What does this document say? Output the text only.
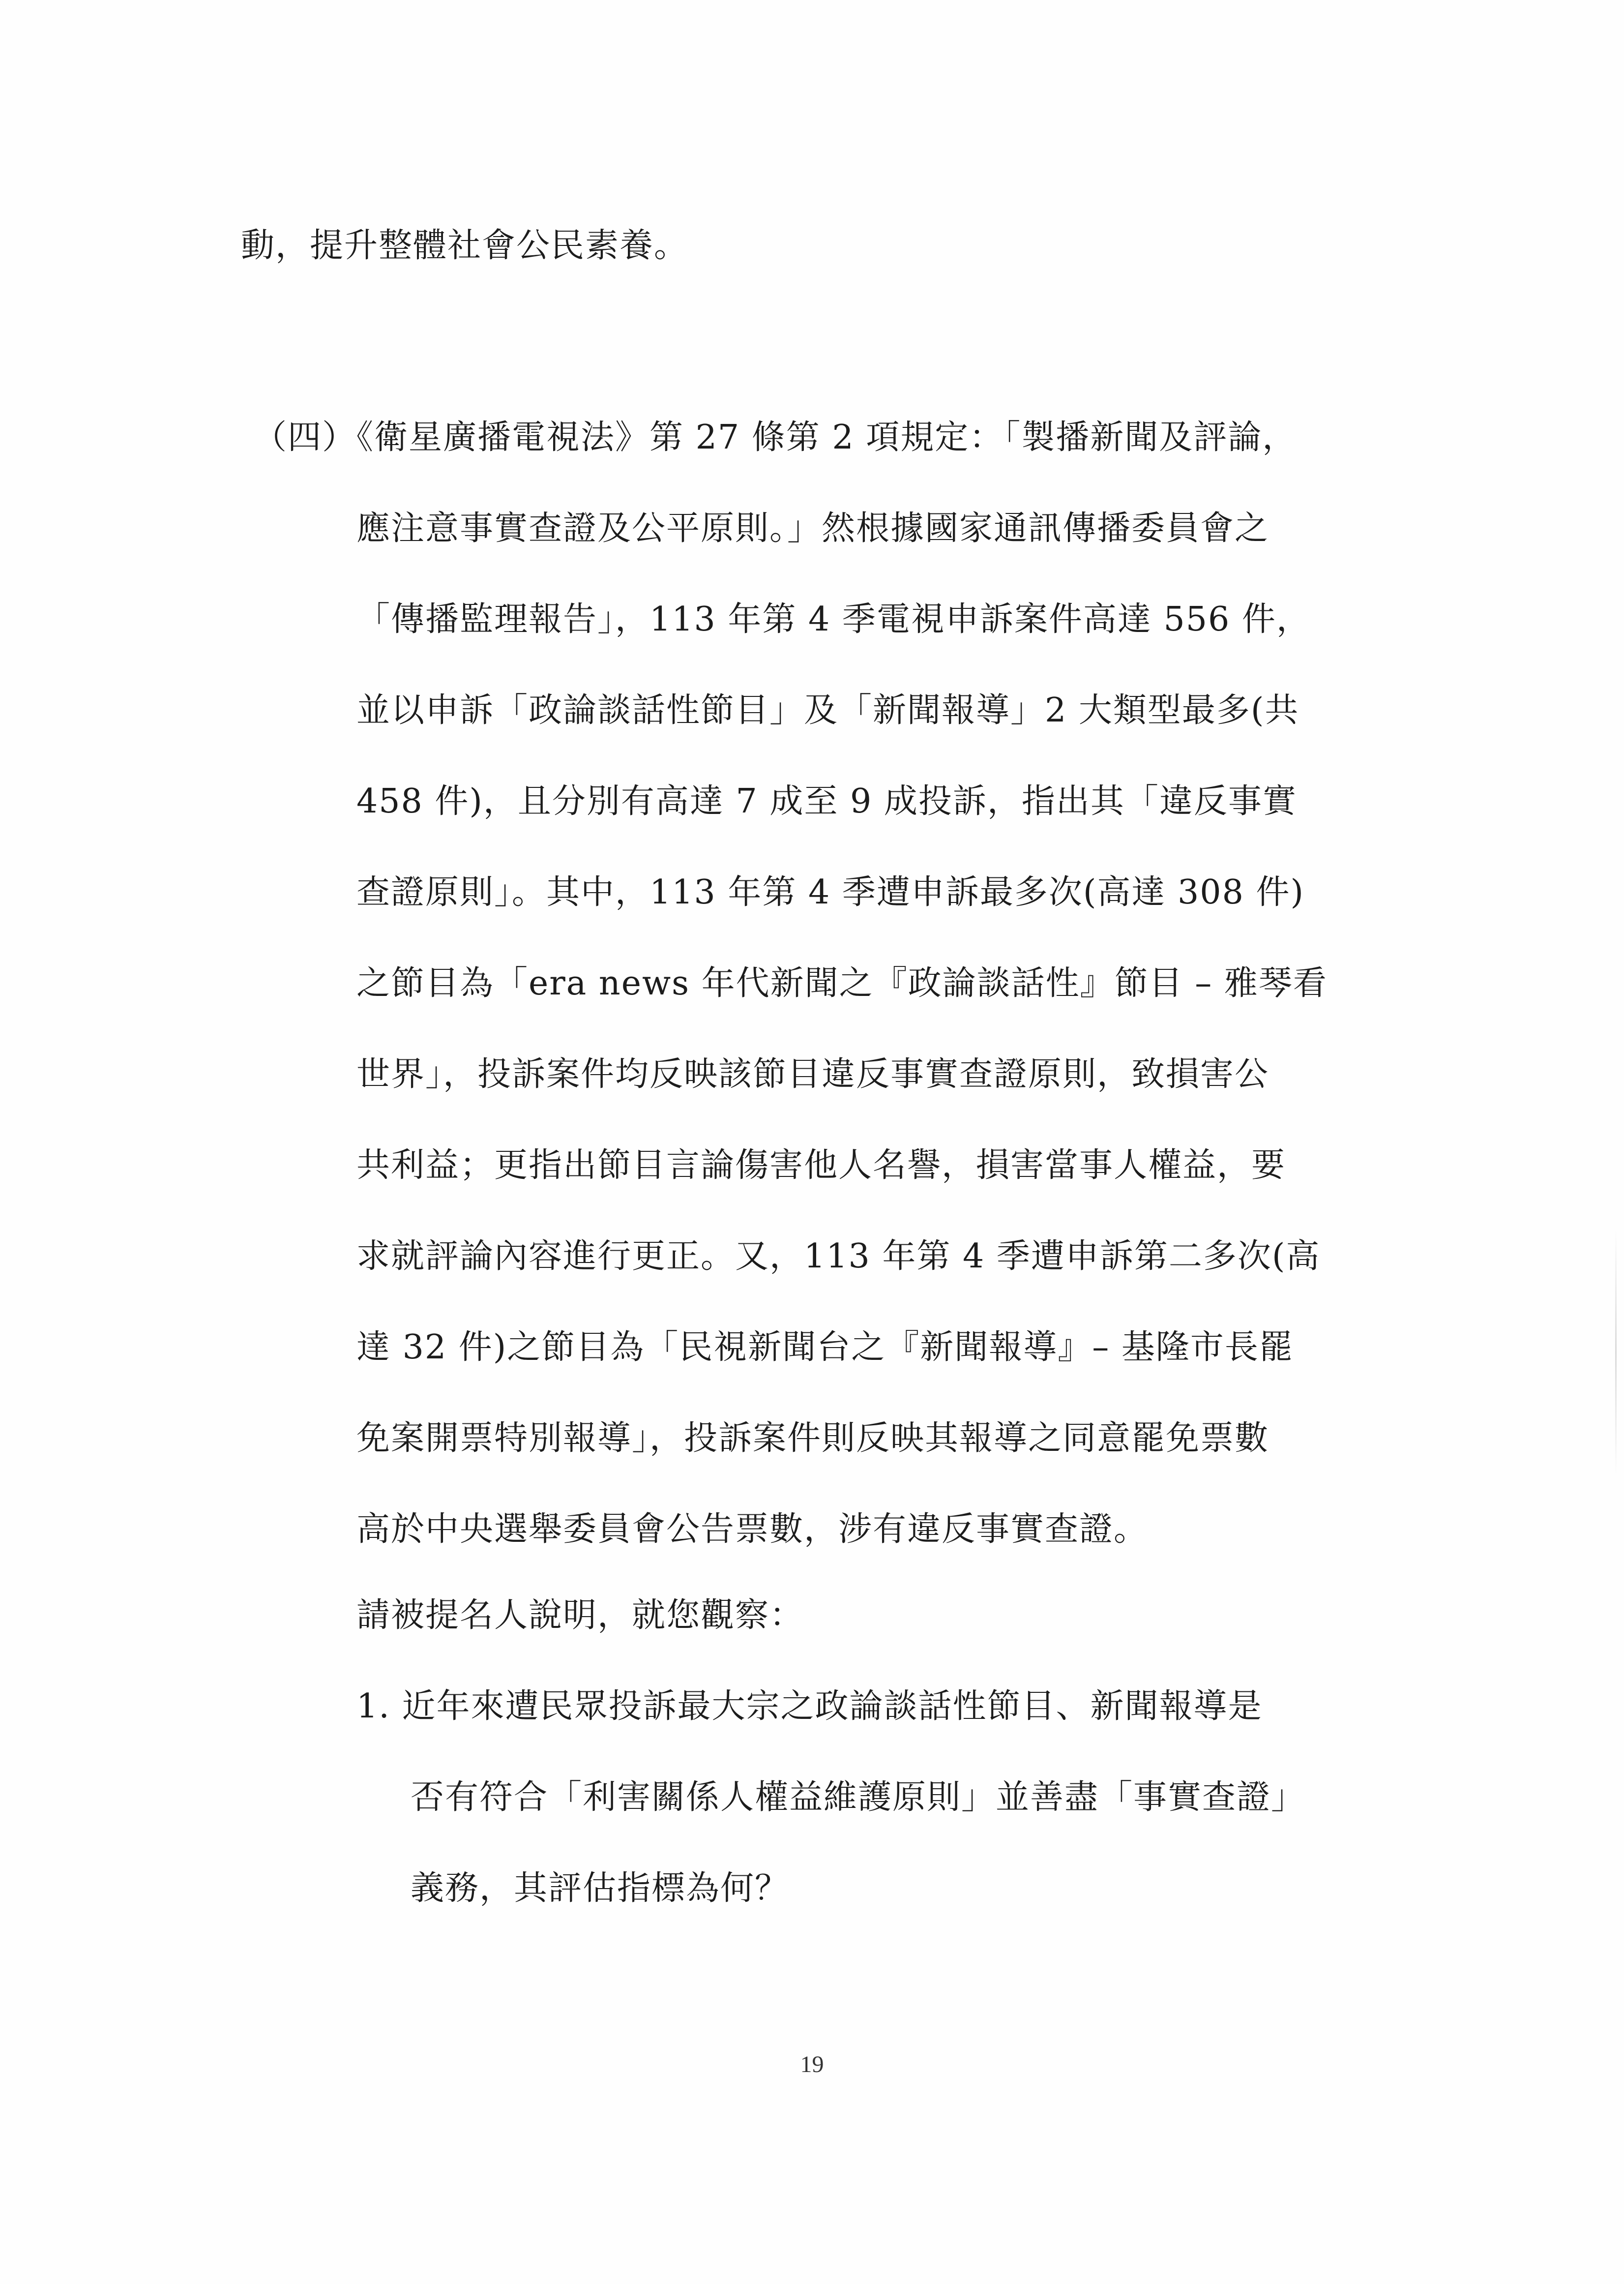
動，提升整體社會公民素養。
（四）《衛星廣播電視法》第 27 條第 2 項規定：「製播新聞及評論，
應注意事實查證及公平原則。」然根據國家通訊傳播委員會之
「傳播監理報告」，113 年第 4 季電視申訴案件高達 556 件，
並以申訴「政論談話性節目」及「新聞報導」2 大類型最多(共
458 件)，且分別有高達 7 成至 9 成投訴，指出其「違反事實
查證原則」。其中，113 年第 4 季遭申訴最多次(高達 308 件)
之節目為「era news 年代新聞之『政論談話性』節目 – 雅琴看
世界」，投訴案件均反映該節目違反事實查證原則，致損害公
共利益；更指出節目言論傷害他人名譽，損害當事人權益，要
求就評論內容進行更正。又，113 年第 4 季遭申訴第二多次(高
達 32 件)之節目為「民視新聞台之『新聞報導』– 基隆市長罷
免案開票特別報導」，投訴案件則反映其報導之同意罷免票數
高於中央選舉委員會公告票數，涉有違反事實查證。
請被提名人說明，就您觀察：
1. 近年來遭民眾投訴最大宗之政論談話性節目、新聞報導是
否有符合「利害關係人權益維護原則」並善盡「事實查證」
義務，其評估指標為何？
19
